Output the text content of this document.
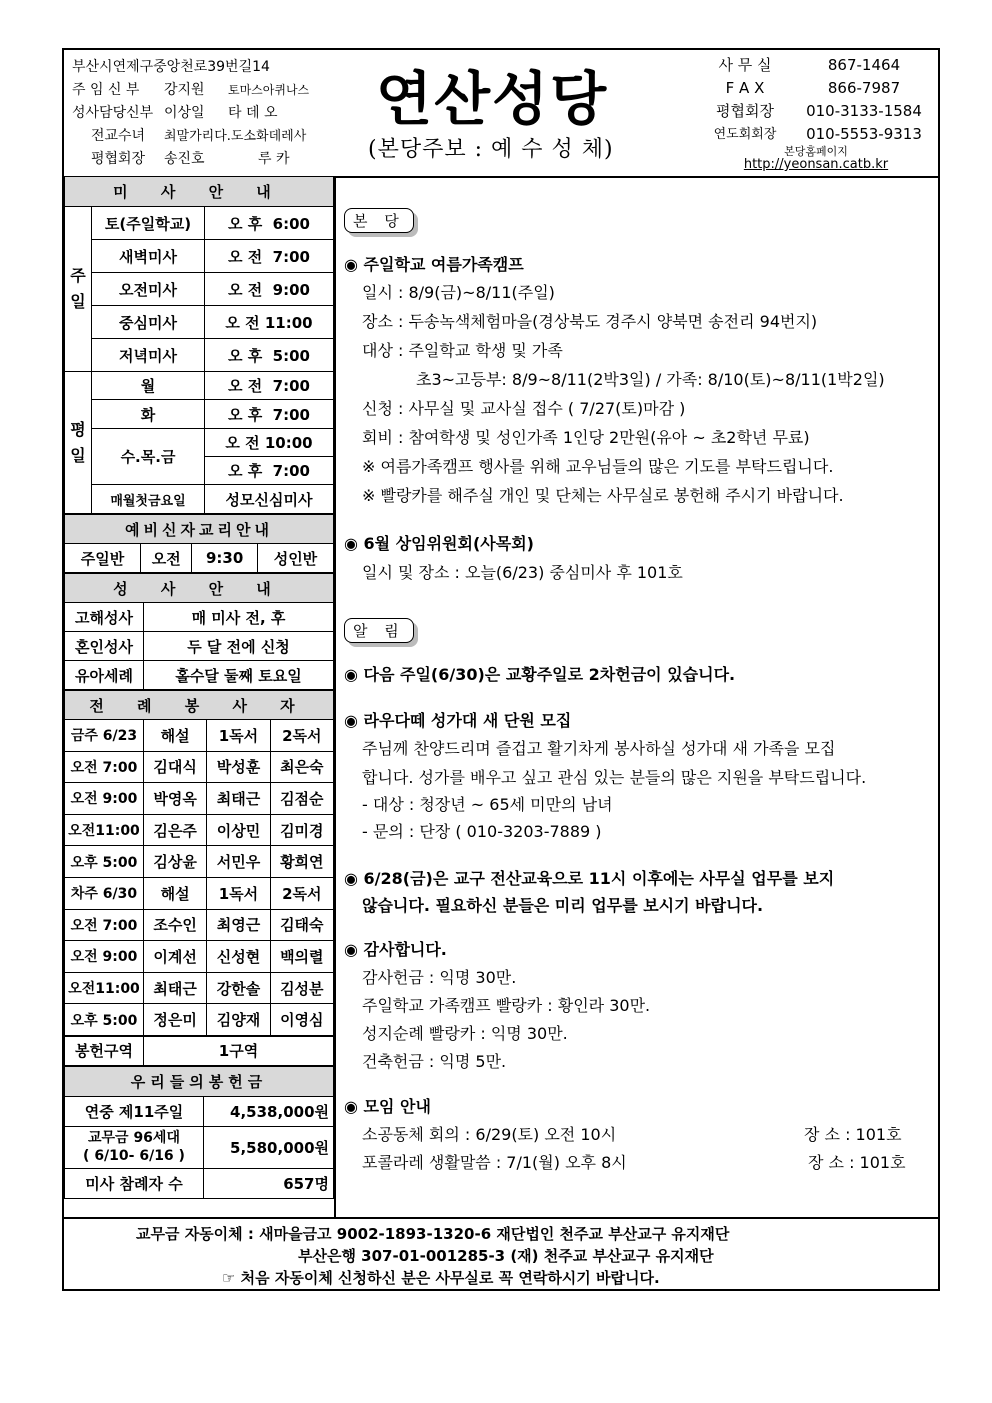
부산시연제구중앙천로39번길14
주 임 신 부	강지원	토마스아퀴나스
성사담당신부 이상일	타 데 오
전교수녀	최말가리다.도소화데레사
평협회장	송진호	루 카
연산성당
(본당주보 : 예 수 성 체)
사 무 실	867-1464
F A X	866-7987
평협회장	010-3133-1584
연도회회장	010-5553-9313
본당홈페이지
http://yeonsan.catb.kr
미 사 안 내		
주
일	토(주일학교)	오 후  6:00
	새벽미사	오 전  7:00
	오전미사	오 전  9:00
	중심미사	오 전 11:00
	저녁미사	오 후  5:00
평
일	월	오 전  7:00
	화	오 후  7:00
	수.목.금	오 전 10:00
		오 후  7:00
	매월첫금요일	성모신심미사
예비신자교리안내
주일반	오전	9:30	성인반
성 사 안 내	
고해성사	매 미사 전, 후
혼인성사	두 달 전에 신청
유아세례	홀수달 둘째 토요일
전 례 봉 사 자			
금주 6/23	해설	1독서	2독서
오전 7:00	김대식	박성훈	최은숙
오전 9:00	박영옥	최태근	김점순
오전11:00	김은주	이상민	김미경
오후 5:00	김상윤	서민우	황희연
차주 6/30	해설	1독서	2독서
오전 7:00	조수인	최영근	김태숙
오전 9:00	이계선	신성현	백의렬
오전11:00	최태근	강한솔	김성분
오후 5:00	정은미	김양재	이영심
봉헌구역	1구역
우리들의봉헌금	
연중 제11주일	4,538,000원
교무금 96세대
( 6/10- 6/16 )	5,580,000원
미사 참례자 수	657명
본 당
◉ 주일학교 여름가족캠프
일시 : 8/9(금)~8/11(주일)
장소 : 두송녹색체험마을(경상북도 경주시 양북면 송전리 94번지)
대상 : 주일학교 학생 및 가족
초3~고등부: 8/9~8/11(2박3일) / 가족: 8/10(토)~8/11(1박2일)
신청 : 사무실 및 교사실 접수 ( 7/27(토)마감 )
회비 : 참여학생 및 성인가족 1인당 2만원(유아 ~ 초2학년 무료)
※ 여름가족캠프 행사를 위해 교우님들의 많은 기도를 부탁드립니다.
※ 빨랑카를 해주실 개인 및 단체는 사무실로 봉헌해 주시기 바랍니다.
◉ 6월 상임위원회(사목회)
일시 및 장소 : 오늘(6/23) 중심미사 후 101호
알 림
◉ 다음 주일(6/30)은 교황주일로 2차헌금이 있습니다.
◉ 라우다떼 성가대 새 단원 모집
주님께 찬양드리며 즐겁고 활기차게 봉사하실 성가대 새 가족을 모집
합니다. 성가를 배우고 싶고 관심 있는 분들의 많은 지원을 부탁드립니다.
- 대상 : 청장년 ~ 65세 미만의 남녀
- 문의 : 단장 ( 010-3203-7889 )
◉ 6/28(금)은 교구 전산교육으로 11시 이후에는 사무실 업무를 보지
않습니다. 필요하신 분들은 미리 업무를 보시기 바랍니다.
◉ 감사합니다.
감사헌금 : 익명 30만.
주일학교 가족캠프 빨랑카 : 황인라 30만.
성지순례 빨랑카 : 익명 30만.
건축헌금 : 익명 5만.
◉ 모임 안내
소공동체 회의 : 6/29(토) 오전 10시	장 소 : 101호
포콜라레 생활말씀 : 7/1(월) 오후 8시	장 소 : 101호
교무금 자동이체 : 새마을금고 9002-1893-1320-6 재단법인 천주교 부산교구 유지재단
부산은행 307-01-001285-3 (재) 천주교 부산교구 유지재단
☞ 처음 자동이체 신청하신 분은 사무실로 꼭 연락하시기 바랍니다.
